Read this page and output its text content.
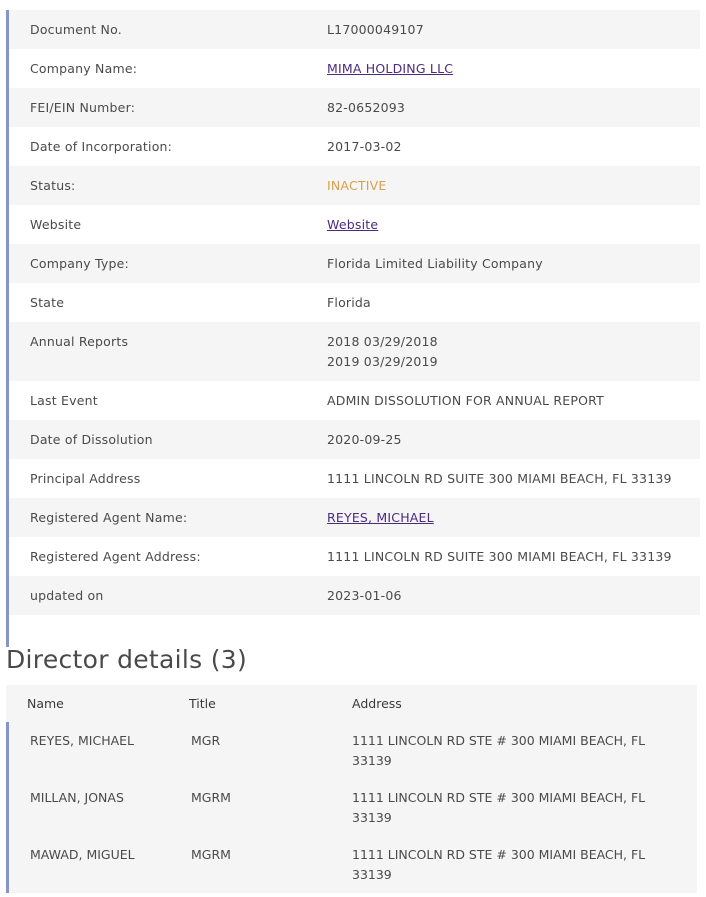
Document No.	L17000049107
Company Name:	MIMA HOLDING LLC
FEI/EIN Number:	82-0652093
Date of Incorporation:	2017-03-02
Status:	INACTIVE
Website	Website
Company Type:	Florida Limited Liability Company
State	Florida
Annual Reports	2018 03/29/2018
2019 03/29/2019
Last Event	ADMIN DISSOLUTION FOR ANNUAL REPORT
Date of Dissolution	2020-09-25
Principal Address	1111 LINCOLN RD SUITE 300 MIAMI BEACH, FL 33139
Registered Agent Name:	REYES, MICHAEL
Registered Agent Address:	1111 LINCOLN RD SUITE 300 MIAMI BEACH, FL 33139
updated on	2023-01-06
Director details (3)
Name	Title	Address
REYES, MICHAEL	MGR	1111 LINCOLN RD STE # 300 MIAMI BEACH, FL 33139
MILLAN, JONAS	MGRM	1111 LINCOLN RD STE # 300 MIAMI BEACH, FL 33139
MAWAD, MIGUEL	MGRM	1111 LINCOLN RD STE # 300 MIAMI BEACH, FL 33139
